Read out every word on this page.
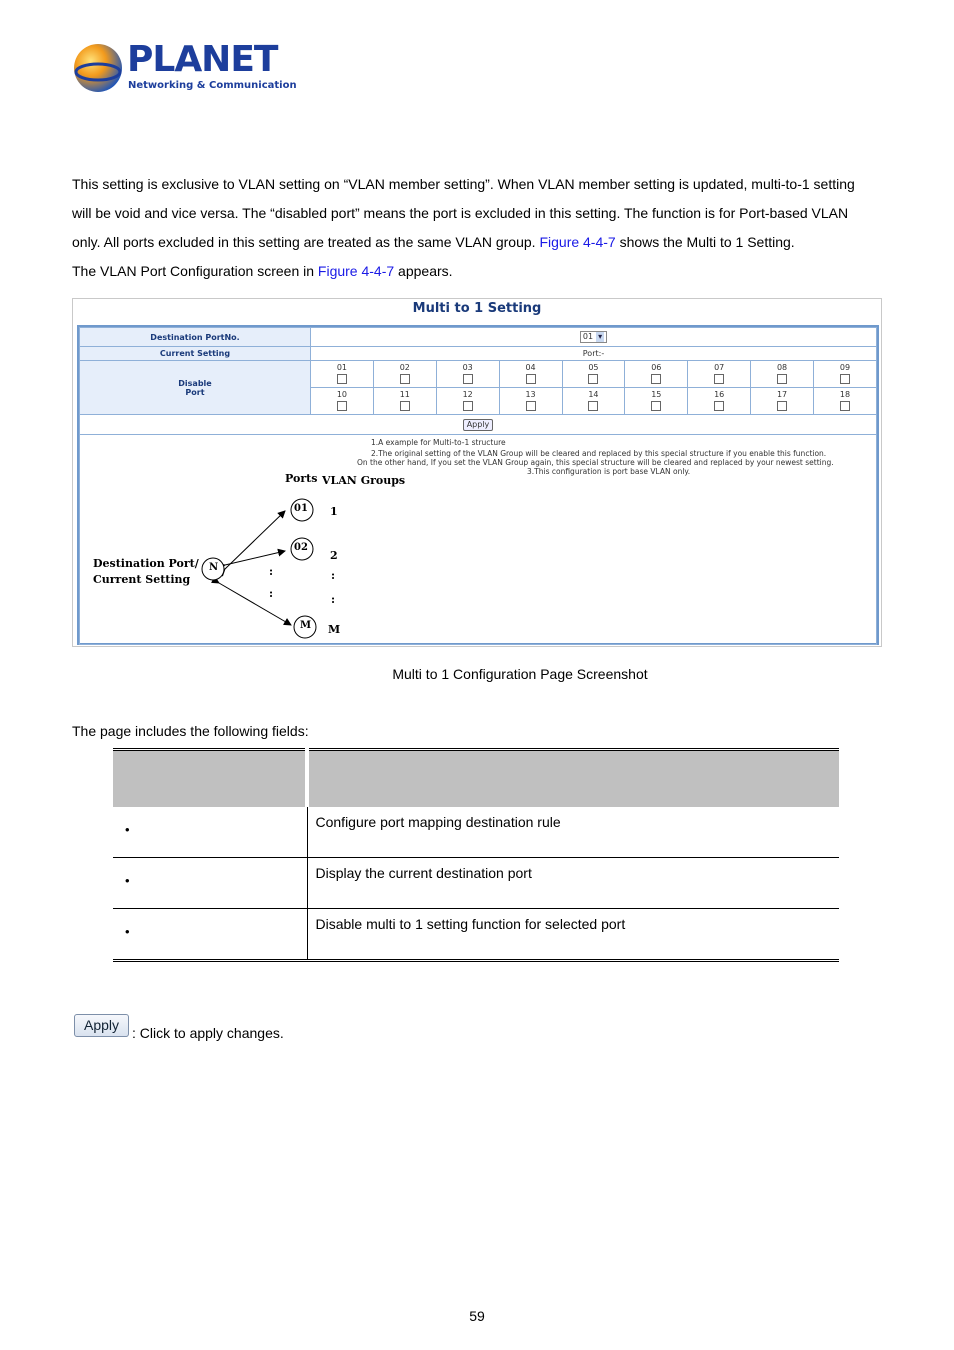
PLANET
Networking & Communication
This setting is exclusive to VLAN setting on “VLAN member setting”. When VLAN member setting is updated, multi-to-1 setting
will be void and vice versa. The “disabled port” means the port is excluded in this setting. The function is for Port-based VLAN
only. All ports excluded in this setting are treated as the same VLAN group. Figure 4-4-7 shows the Multi to 1 Setting.
The VLAN Port Configuration screen in Figure 4-4-7 appears.
Multi to 1 Setting
Destination PortNo.	01 ▾								
Current Setting	Port:-								
Disable
Port	01	02	03	04	05	06	07	08	09

	10	11	12	13	14	15	16	17	18

Apply									

1.A example for Multi-to-1 structure
2.The original setting of the VLAN Group will be cleared and replaced by this special structure if you enable this function.
On the other hand, If you set the VLAN Group again, this special structure will be cleared and replaced by your newest setting.
3.This configuration is port base VLAN only.
Ports VLAN Groups
Destination Port/
Current Setting
N
01
02
M
1
2
M
:
:
:
:
Multi to 1 Configuration Page Screenshot
The page includes the following fields:

•	Configure port mapping destination rule
•	Display the current destination port
•	Disable multi to 1 setting function for selected port
Apply : Click to apply changes.
59
